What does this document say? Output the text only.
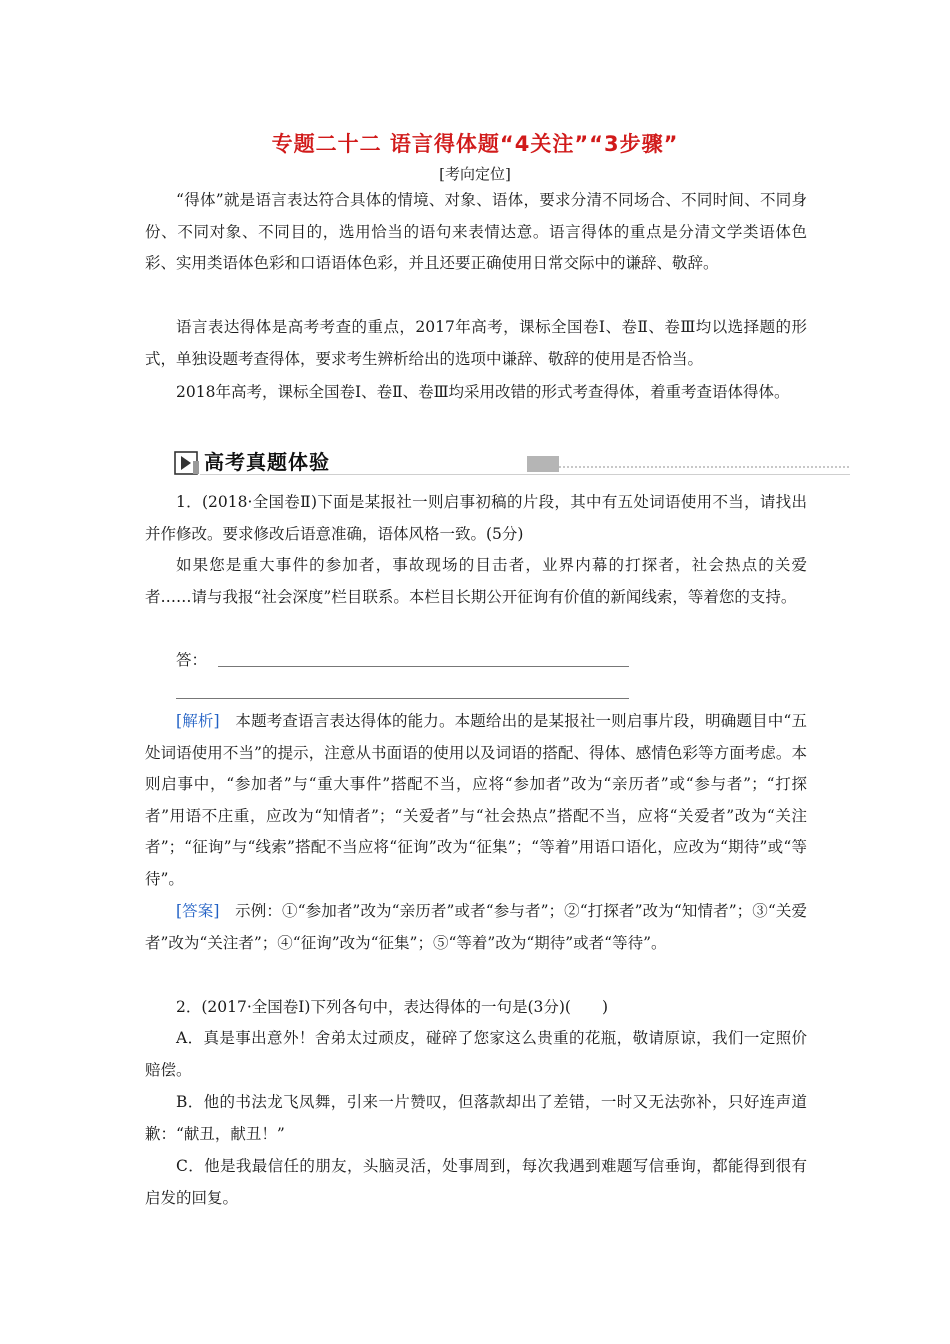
专题二十二 语言得体题“4关注”“3步骤”
[考向定位]

“得体”就是语言表达符合具体的情境、对象、语体，要求分清不同场合、不同时间、不同身份、不同对象、不同目的，选用恰当的语句来表情达意。语言得体的重点是分清文学类语体色彩、实用类语体色彩和口语语体色彩，并且还要正确使用日常交际中的谦辞、敬辞。

语言表达得体是高考考查的重点，2017年高考，课标全国卷Ⅰ、卷Ⅱ、卷Ⅲ均以选择题的形式，单独设题考查得体，要求考生辨析给出的选项中谦辞、敬辞的使用是否恰当。

2018年高考，课标全国卷Ⅰ、卷Ⅱ、卷Ⅲ均采用改错的形式考查得体，着重考查语体得体。

高考真题体验

1．(2018·全国卷Ⅱ)下面是某报社一则启事初稿的片段，其中有五处词语使用不当，请找出并作修改。要求修改后语意准确，语体风格一致。(5分)

如果您是重大事件的参加者，事故现场的目击者，业界内幕的打探者，社会热点的关爱者……请与我报“社会深度”栏目联系。本栏目长期公开征询有价值的新闻线索，等着您的支持。

答：

[解析]　 本题考查语言表达得体的能力。本题给出的是某报社一则启事片段，明确题目中“五处词语使用不当”的提示，注意从书面语的使用以及词语的搭配、得体、感情色彩等方面考虑。本则启事中，“参加者”与“重大事件”搭配不当，应将“参加者”改为“亲历者”或“参与者”；“打探者”用语不庄重，应改为“知情者”；“关爱者”与“社会热点”搭配不当，应将“关爱者”改为“关注者”；“征询”与“线索”搭配不当应将“征询”改为“征集”；“等着”用语口语化，应改为“期待”或“等待”。

[答案]　 示例：①“参加者”改为“亲历者”或者“参与者”；②“打探者”改为“知情者”；③“关爱者”改为“关注者”；④“征询”改为“征集”；⑤“等着”改为“期待”或者“等待”。

2．(2017·全国卷Ⅰ)下列各句中，表达得体的一句是(3分)(　　)

A．真是事出意外！舍弟太过顽皮，碰碎了您家这么贵重的花瓶，敬请原谅，我们一定照价赔偿。

B．他的书法龙飞凤舞，引来一片赞叹，但落款却出了差错，一时又无法弥补，只好连声道歉：“献丑，献丑！”

C．他是我最信任的朋友，头脑灵活，处事周到，每次我遇到难题写信垂询，都能得到很有启发的回复。
